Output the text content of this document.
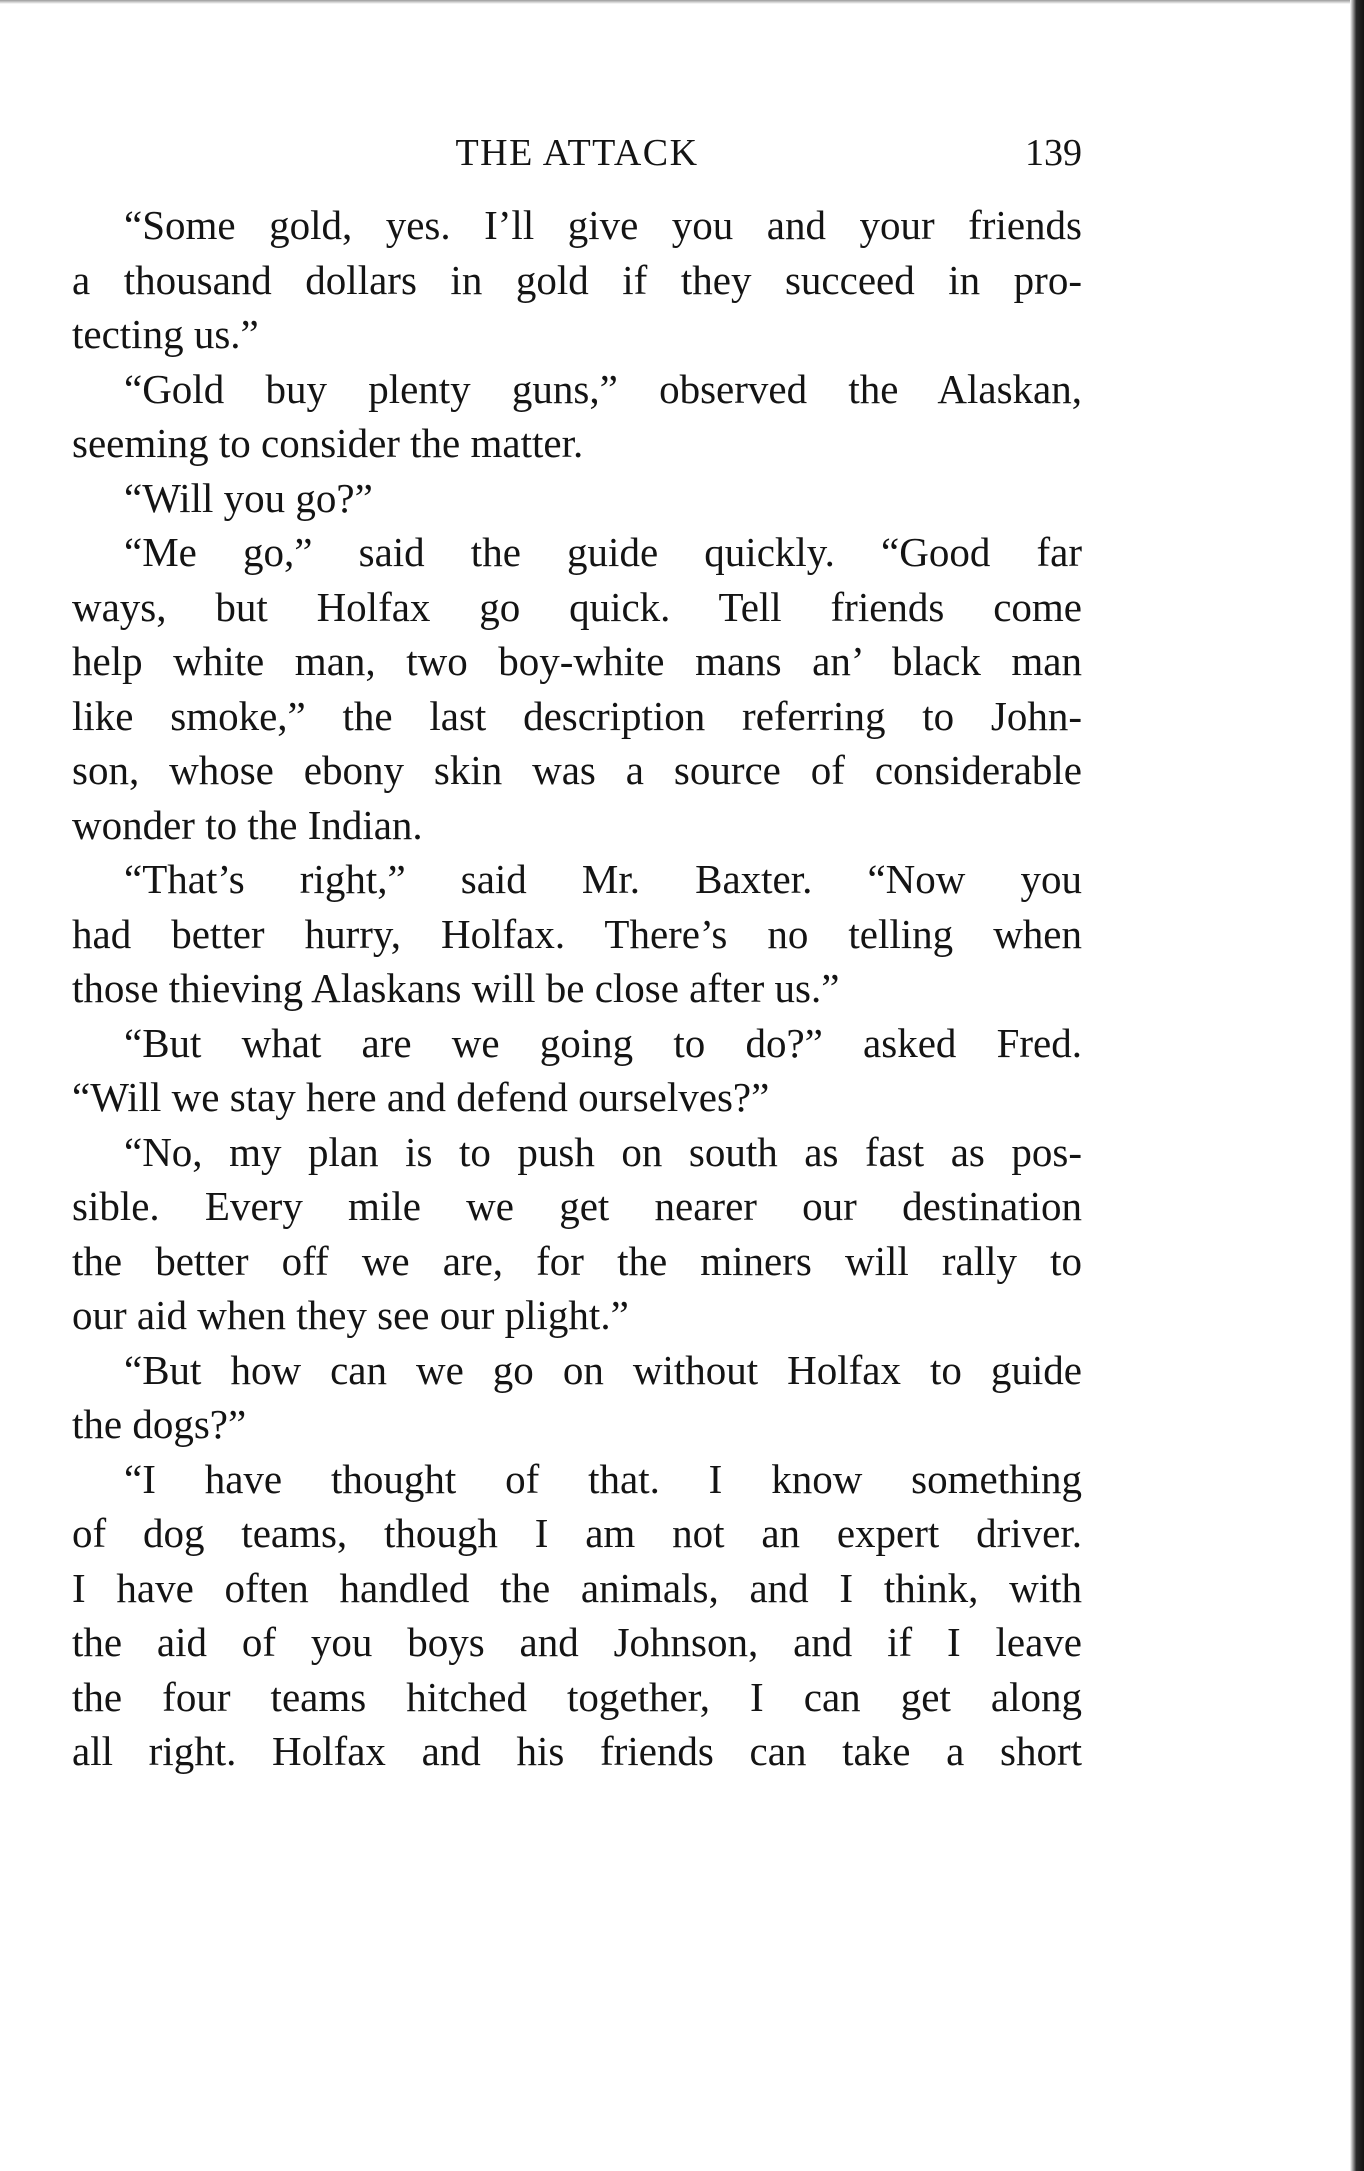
THE ATTACK	139
“Some gold, yes. I’ll give you and your friends
a thousand dollars in gold if they succeed in pro-
tecting us.”
“Gold buy plenty guns,” observed the Alaskan,
seeming to consider the matter.
“Will you go?”
“Me go,” said the guide quickly. “Good far
ways, but Holfax go quick. Tell friends come
help white man, two boy-white mans an’ black man
like smoke,” the last description referring to John-
son, whose ebony skin was a source of considerable
wonder to the Indian.
“That’s right,” said Mr. Baxter. “Now you
had better hurry, Holfax. There’s no telling when
those thieving Alaskans will be close after us.”
“But what are we going to do?” asked Fred.
“Will we stay here and defend ourselves?”
“No, my plan is to push on south as fast as pos-
sible. Every mile we get nearer our destination
the better off we are, for the miners will rally to
our aid when they see our plight.”
“But how can we go on without Holfax to guide
the dogs?”
“I have thought of that. I know something
of dog teams, though I am not an expert driver.
I have often handled the animals, and I think, with
the aid of you boys and Johnson, and if I leave
the four teams hitched together, I can get along
all right. Holfax and his friends can take a short
